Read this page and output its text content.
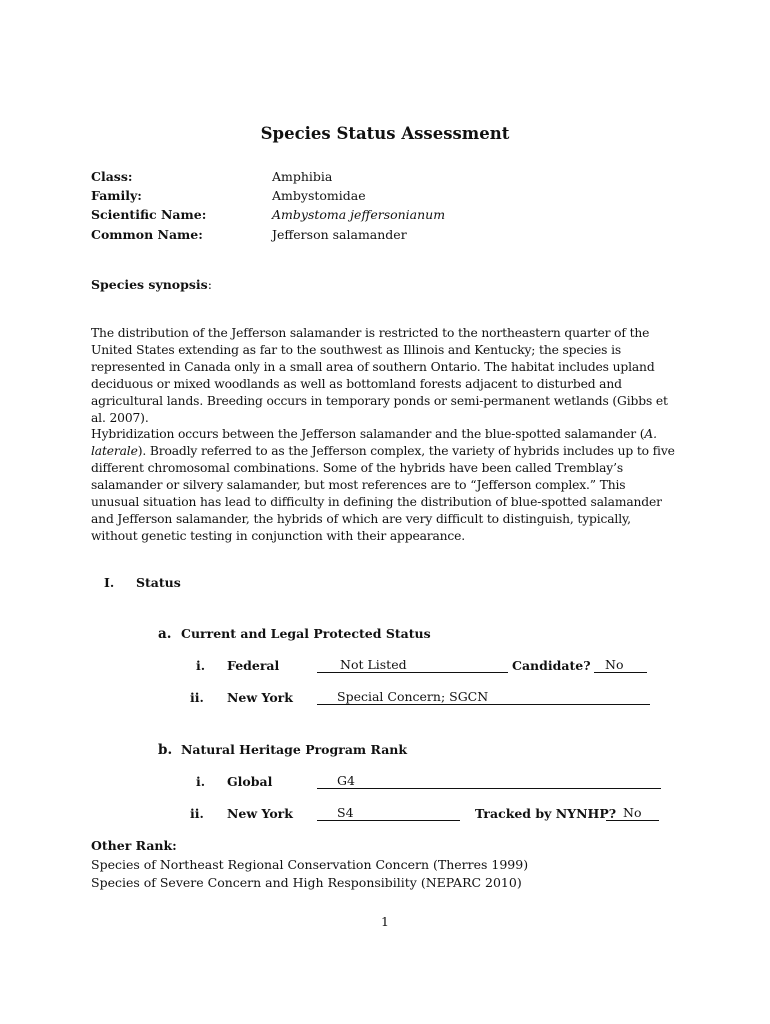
Species Status Assessment
Class:	Amphibia
Family:	Ambystomidae
Scientific Name:	Ambystoma jeffersonianum
Common Name:	Jefferson salamander
Species synopsis:
The distribution of the Jefferson salamander is restricted to the northeastern quarter of the United States extending as far to the southwest as Illinois and Kentucky; the species is represented in Canada only in a small area of southern Ontario. The habitat includes upland deciduous or mixed woodlands as well as bottomland forests adjacent to disturbed and agricultural lands. Breeding occurs in temporary ponds or semi-permanent wetlands (Gibbs et al. 2007).
Hybridization occurs between the Jefferson salamander and the blue-spotted salamander (A. laterale). Broadly referred to as the Jefferson complex, the variety of hybrids includes up to five different chromosomal combinations. Some of the hybrids have been called Tremblay’s salamander or silvery salamander, but most references are to “Jefferson complex.” This unusual situation has lead to difficulty in defining the distribution of blue-spotted salamander and Jefferson salamander, the hybrids of which are very difficult to distinguish, typically, without genetic testing in conjunction with their appearance.
I. Status
a. Current and Legal Protected Status
i. Federal	Not Listed	Candidate? No
ii. New York	Special Concern; SGCN
b. Natural Heritage Program Rank
i. Global	G4
ii. New York	S4	Tracked by NYNHP? No
Other Rank:
Species of Northeast Regional Conservation Concern (Therres 1999)
Species of Severe Concern and High Responsibility (NEPARC 2010)
1
